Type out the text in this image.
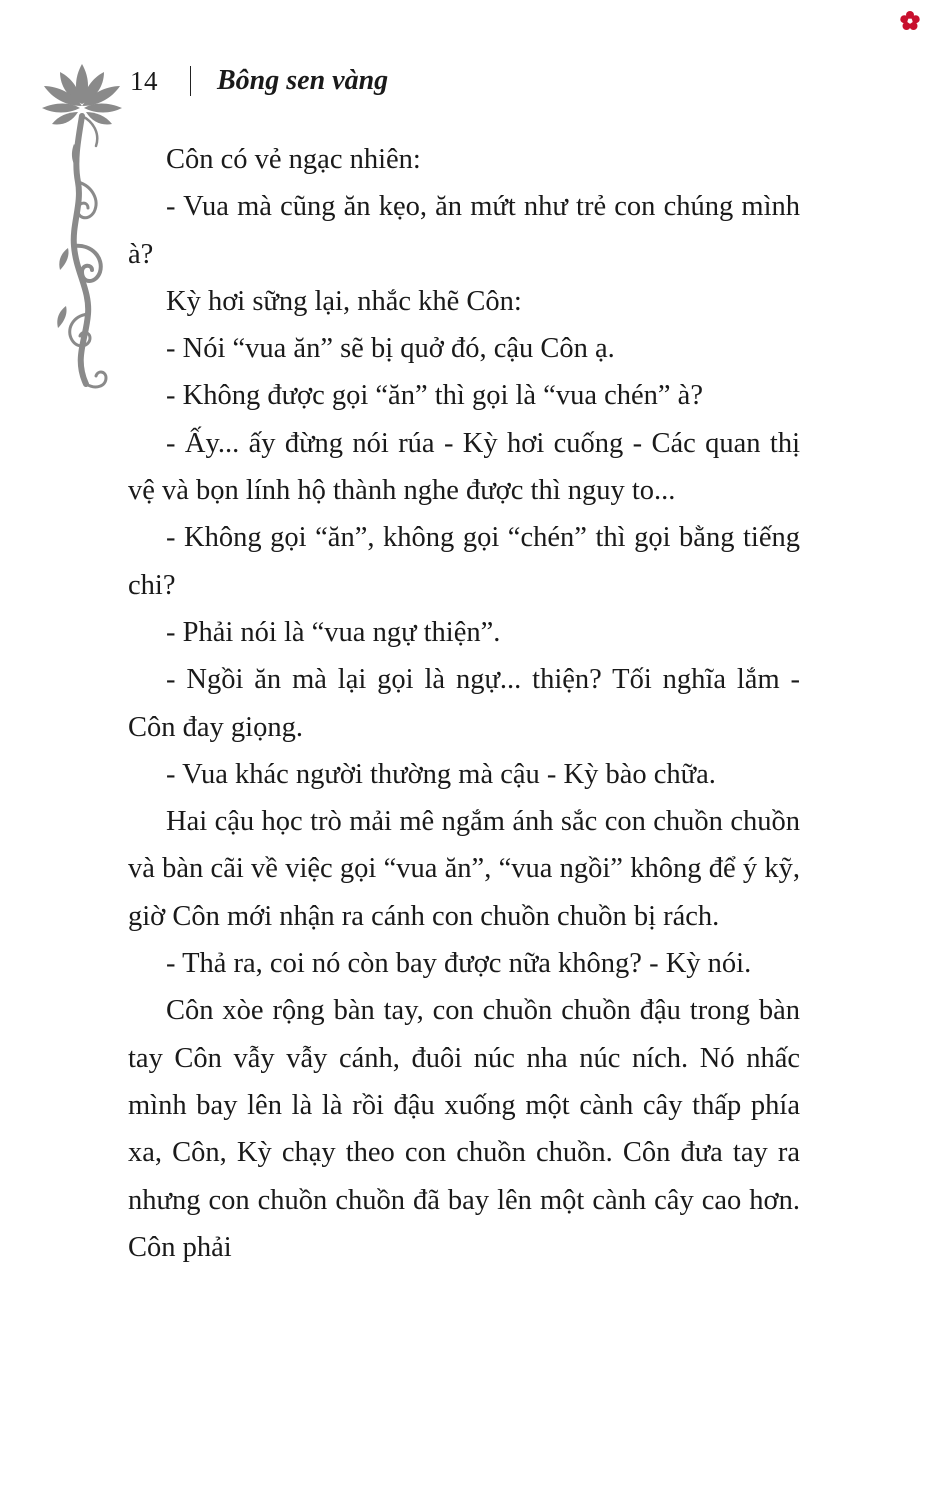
14 Bông sen vàng

Côn có vẻ ngạc nhiên:

- Vua mà cũng ăn kẹo, ăn mứt như trẻ con chúng mình à?

Kỳ hơi sững lại, nhắc khẽ Côn:

- Nói “vua ăn” sẽ bị quở đó, cậu Côn ạ.

- Không được gọi “ăn” thì gọi là “vua chén” à?

- Ấy... ấy đừng nói rúa - Kỳ hơi cuống - Các quan thị vệ và bọn lính hộ thành nghe được thì nguy to...

- Không gọi “ăn”, không gọi “chén” thì gọi bằng tiếng chi?

- Phải nói là “vua ngự thiện”.

- Ngồi ăn mà lại gọi là ngự... thiện? Tối nghĩa lắm - Côn đay giọng.

- Vua khác người thường mà cậu - Kỳ bào chữa.

Hai cậu học trò mải mê ngắm ánh sắc con chuồn chuồn và bàn cãi về việc gọi “vua ăn”, “vua ngồi” không để ý kỹ, giờ Côn mới nhận ra cánh con chuồn chuồn bị rách.

- Thả ra, coi nó còn bay được nữa không? - Kỳ nói.

Côn xòe rộng bàn tay, con chuồn chuồn đậu trong bàn tay Côn vẫy vẫy cánh, đuôi núc nha núc ních. Nó nhấc mình bay lên là là rồi đậu xuống một cành cây thấp phía xa, Côn, Kỳ chạy theo con chuồn chuồn. Côn đưa tay ra nhưng con chuồn chuồn đã bay lên một cành cây cao hơn. Côn phải
